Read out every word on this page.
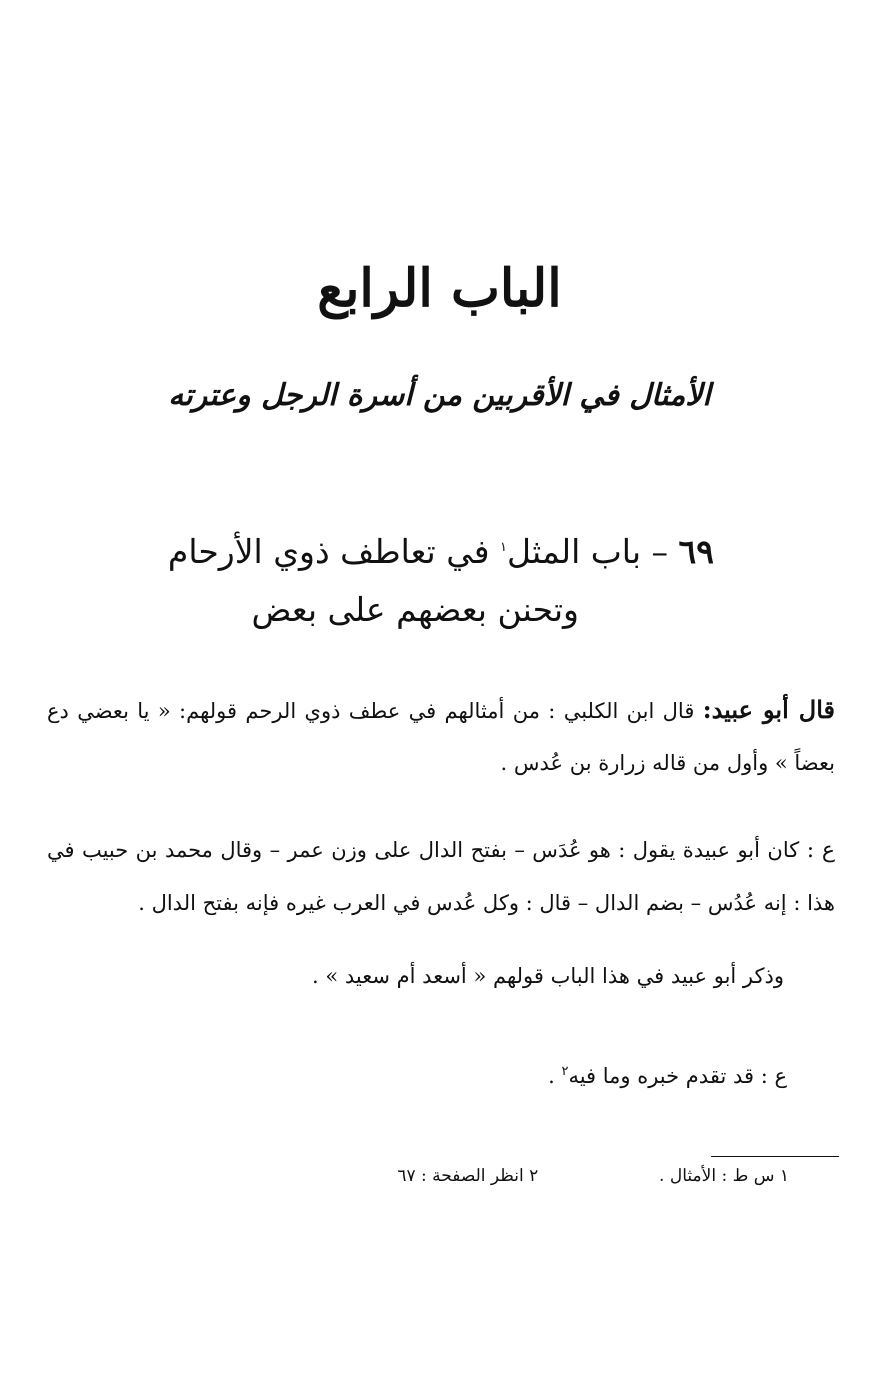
الباب الرابع
الأمثال في الأقربين من أسرة الرجل وعترته
٦٩ – باب المثل$^١$ في تعاطف ذوي الأرحام
وتحنن بعضهم على بعض
قال أبو عبيد: قال ابن الكلبي : من أمثالهم في عطف ذوي الرحم قولهم: « يا بعضي دع بعضاً » وأول من قاله زرارة بن عُدس .
ع : كان أبو عبيدة يقول : هو عُدَس – بفتح الدال على وزن عمر – وقال محمد بن حبيب في هذا : إنه عُدُس – بضم الدال – قال : وكل عُدس في العرب غيره فإنه بفتح الدال .
وذكر أبو عبيد في هذا الباب قولهم « أسعد أم سعيد » .
ع : قد تقدم خبره وما فيه$^٢$ .
١ س ط : الأمثال .  ٢ انظر الصفحة : ٦٧
